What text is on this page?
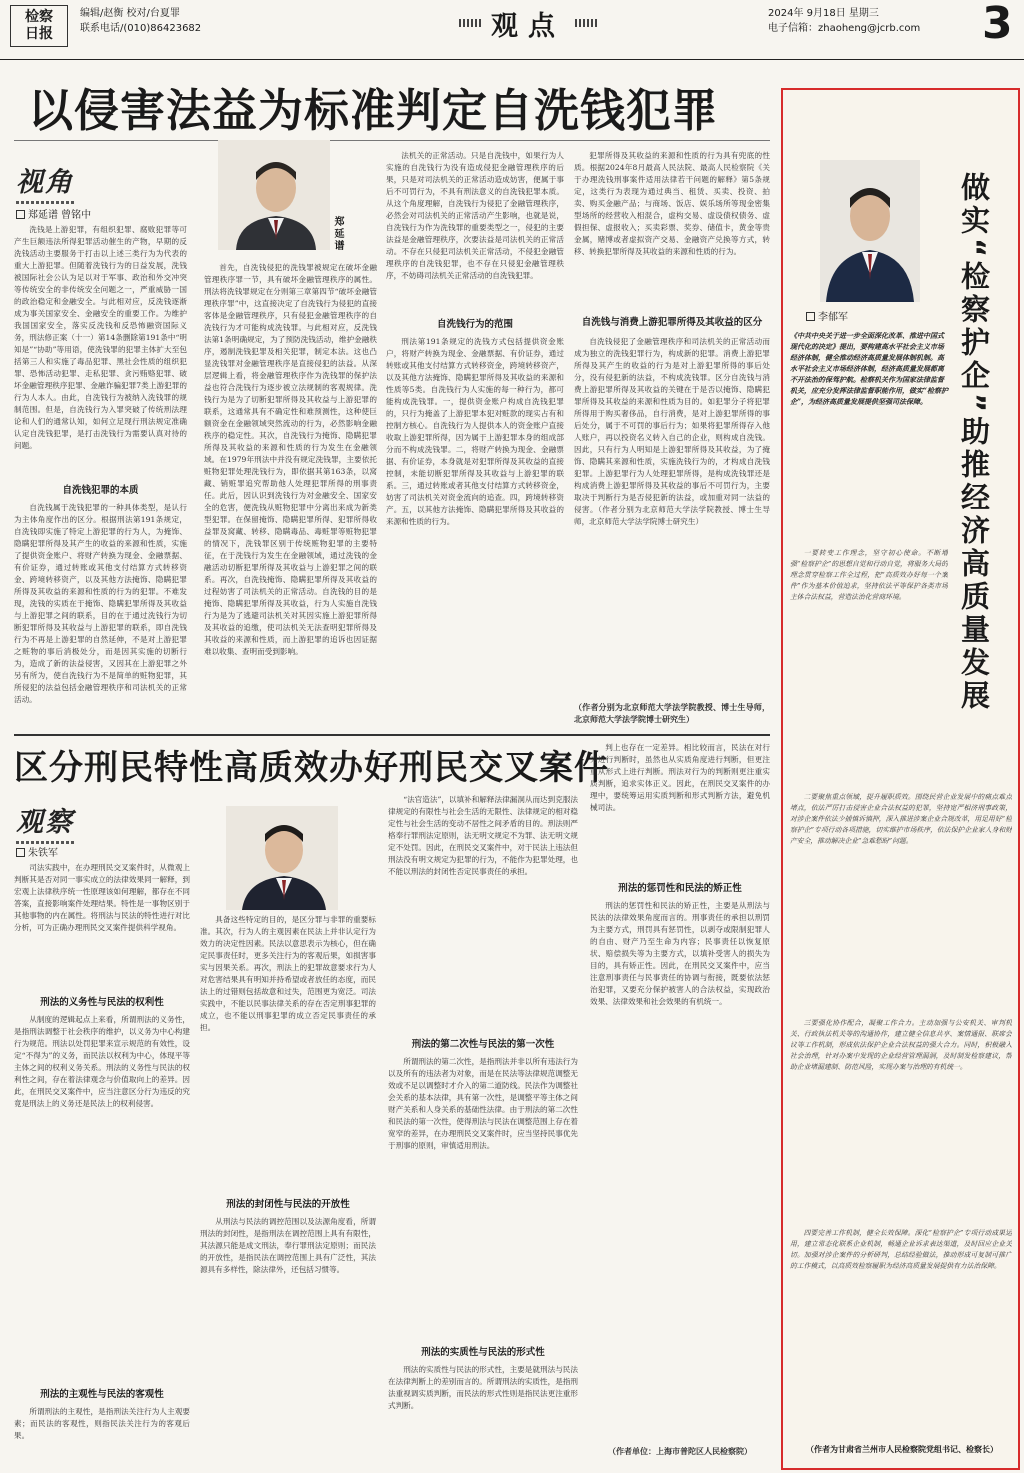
检察
日报
编辑/赵衡 校对/台夏罪
联系电话/(010)86423682	观点	2024年 9月18日 星期三
电子信箱：zhaoheng@jcrb.com 3
以侵害法益为标准判定自洗钱犯罪
视角
郑延谱 曾铭中

洗钱是上游犯罪，有组织犯罪、腐败犯罪等可产生巨额违法所得犯罪活动催生的产物，早期的反洗钱活动主要服务于打击以上述三类行为为代表的重大上游犯罪。但随着洗钱行为的日益发展，洗钱被国际社会公认为足以对于军事、政治和外交冲突等传统安全的非传统安全问题之一，严重威胁一国的政治稳定和金融安全。与此相对应，反洗钱逐渐成为事关国家安全、金融安全的重要工作。为维护我国国家安全，落实反洗钱和反恐怖融资国际义务，刑法修正案（十一）第14条删除第191条中“明知是”“协助”等用语，使洗钱罪的犯罪主体扩大至包括第三人和实施了毒品犯罪、黑社会性质的组织犯罪、恐怖活动犯罪、走私犯罪、贪污贿赂犯罪、破坏金融管理秩序犯罪、金融诈骗犯罪7类上游犯罪的行为人本人。由此，自洗钱行为被纳入洗钱罪的规制范围。但是，自洗钱行为入罪突破了传统刑法理论和人们的通常认知，如何立足现行刑法规定准确认定自洗钱犯罪，是打击洗钱行为需要认真对待的问题。

自洗钱犯罪的本质

自洗钱属于洗钱犯罪的一种具体类型，是认行为主体角度作出的区分。根据刑法第191条规定，自洗钱即实施了特定上游犯罪的行为人，为掩饰、隐瞒犯罪所得及其产生的收益的来源和性质，实施了提供资金账户、将财产转换为现金、金融票据、有价证券，通过转账或其他支付结算方式转移资金、跨境转移资产，以及其他方法掩饰、隐瞒犯罪所得及其收益的来源和性质的行为的犯罪。不难发现，洗钱的实质在于掩饰、隐瞒犯罪所得及其收益与上游犯罪之间的联系，目的在于通过洗钱行为切断犯罪所得及其收益与上游犯罪的联系，即自洗钱行为不再是上游犯罪的自然延伸，不是对上游犯罪之赃物的事后消极处分，而是因其实施的切断行为，造成了新的法益侵害，又因其在上游犯罪之外另有所为，使自洗钱行为不是简单的赃物犯罪，其所侵犯的法益包括金融管理秩序和司法机关的正常活动。

郑延谱

首先，自洗钱侵犯的洗钱罪被规定在破坏金融管理秩序罪一节，具有破坏金融管理秩序的属性。刑法将洗钱罪规定在分则第三章第四节“破坏金融管理秩序罪”中，这直接决定了自洗钱行为侵犯的直接客体是金融管理秩序，只有侵犯金融管理秩序的自洗钱行为才可能构成洗钱罪。与此相对应，反洗钱法第1条明确规定，为了预防洗钱活动，维护金融秩序，遏制洗钱犯罪及相关犯罪，制定本法。这也凸显洗钱罪对金融管理秩序是直接侵犯的法益。从深层逻辑上看，将金融管理秩序作为洗钱罪的保护法益也符合洗钱行为逐步被立法规制的客观规律。洗钱行为是为了切断犯罪所得及其收益与上游犯罪的联系，这通常具有不确定性和难预测性，这种使巨额资金在金融领域突然流动的行为，必然影响金融秩序的稳定性。其次，自洗钱行为掩饰、隐瞒犯罪所得及其收益的来源和性质的行为发生在金融领域。在1979年刑法中并没有规定洗钱罪，主要依托赃物犯罪处理洗钱行为，即依据其第163条，以窝藏、销赃罪追究帮助他人处理犯罪所得的刑事责任。此后，因认识到洗钱行为对金融安全、国家安全的危害，便洗钱从赃物犯罪中分离出来成为新类型犯罪。在保留掩饰、隐瞒犯罪所得、犯罪所得收益罪及窝藏、转移、隐瞒毒品、毒赃罪等赃物犯罪的情况下，洗钱罪区别于传统赃物犯罪的主要特征，在于洗钱行为发生在金融领域，通过洗钱的金融活动切断犯罪所得及其收益与上游犯罪之间的联系。再次，自洗钱掩饰、隐瞒犯罪所得及其收益的过程妨害了司法机关的正常活动。自洗钱的目的是掩饰、隐瞒犯罪所得及其收益，行为人实施自洗钱行为是为了逃避司法机关对其因实施上游犯罪所得及其收益的追缴，使司法机关无法查明犯罪所得及其收益的来源和性质，而上游犯罪的追诉也因证据难以收集、查明而受到影响。

法机关的正常活动。只是自洗钱中，如果行为人实施的自洗钱行为没有造成侵犯金融管理秩序的后果，只是对司法机关的正常活动造成妨害，便属于事后不可罚行为，不具有刑法意义的自洗钱犯罪本质。从这个角度理解，自洗钱行为侵犯了金融管理秩序，必然会对司法机关的正常活动产生影响，也就是说，自洗钱行为作为洗钱罪的重要类型之一，侵犯的主要法益是金融管理秩序，次要法益是司法机关的正常活动。不存在只侵犯司法机关正常活动，不侵犯金融管理秩序的自洗钱犯罪，也不存在只侵犯金融管理秩序，不妨碍司法机关正常活动的自洗钱犯罪。

自洗钱行为的范围

刑法第191条规定的洗钱方式包括提供资金账户，将财产转换为现金、金融票据、有价证券，通过转账或其他支付结算方式转移资金，跨境转移资产，以及其他方法掩饰、隐瞒犯罪所得及其收益的来源和性质等5类。自洗钱行为人实施的每一种行为，都可能构成洗钱罪。一，提供资金账户构成自洗钱犯罪的，只行为掩盖了上游犯罪本犯对赃款的现实占有和控制方核心。自洗钱行为人提供本人的资金账户直接收取上游犯罪所得，因为属于上游犯罪本身的组成部分而不构成洗钱罪。二，将财产转换为现金、金融票据、有价证券，本身就是对犯罪所得及其收益的直接控制，未能切断犯罪所得及其收益与上游犯罪的联系。三，通过转账或者其他支付结算方式转移资金，妨害了司法机关对资金流向的追查。四，跨境转移资产。五，以其他方法掩饰、隐瞒犯罪所得及其收益的来源和性质的行为。

犯罪所得及其收益的来源和性质的行为具有兜底的性质。根据2024年8月最高人民法院、最高人民检察院《关于办理洗钱刑事案件适用法律若干问题的解释》第5条规定，这类行为表现为通过典当、租赁、买卖、投资、拍卖、购买金融产品；与商场、饭店、娱乐场所等现金密集型场所的经营收入相混合，虚构交易、虚设债权债务、虚假担保、虚报收入；买卖彩票、奖券、储值卡，黄金等贵金属，赌博或者虚拟资产交易、金融资产兑换等方式，转移、转换犯罪所得及其收益的来源和性质的行为。

自洗钱与消费上游犯罪所得及其收益的区分

自洗钱侵犯了金融管理秩序和司法机关的正常活动而成为独立的洗钱犯罪行为，构成新的犯罪。消费上游犯罪所得及其产生的收益的行为是对上游犯罪所得的事后处分，没有侵犯新的法益，不构成洗钱罪。区分自洗钱与消费上游犯罪所得及其收益的关键在于是否以掩饰、隐瞒犯罪所得及其收益的来源和性质为目的。如犯罪分子将犯罪所得用于购买奢侈品，自行消费，是对上游犯罪所得的事后处分，属于不可罚的事后行为；如果将犯罪所得存入他人账户，再以投资名义转入自己的企业，则构成自洗钱。因此，只有行为人明知是上游犯罪所得及其收益，为了掩饰、隐瞒其来源和性质，实施洗钱行为的，才构成自洗钱犯罪。上游犯罪行为人处理犯罪所得，是构成洗钱罪还是构成消费上游犯罪所得及其收益的事后不可罚行为，主要取决于判断行为是否侵犯新的法益，或加重对同一法益的侵害。（作者分别为北京师范大学法学院教授、博士生导师，北京师范大学法学院博士研究生）

（作者分别为北京师范大学法学院教授、博士生导师，北京师范大学法学院博士研究生）
区分刑民特性高质效办好刑民交叉案件
观察
朱铁军

司法实践中，在办理刑民交叉案件时，从微观上判断其是否对同一事实成立的法律效果同一解释，到宏观上法律秩序统一性原理该如何理解，都存在不同答案，直接影响案件处理结果。特性是一事物区别于其他事物的内在属性。将刑法与民法的特性进行对比分析，可为正确办理刑民交叉案件提供科学视角。

刑法的义务性与民法的权利性

从制度的逻辑起点上来看，所谓刑法的义务性，是指刑法调整于社会秩序的维护，以义务为中心构建行为规范。刑法以处罚犯罪来宣示规范的有效性，设定“不得为”的义务，而民法以权利为中心，体现平等主体之间的权利义务关系。刑法的义务性与民法的权利性之间，存在着法律观念与价值取向上的差异。因此，在刑民交叉案件中，应当注意区分行为违反的究竟是刑法上的义务还是民法上的权利侵害。

刑法的主观性与民法的客观性

所谓刑法的主观性，是指刑法关注行为人主观要素；而民法的客观性，则指民法关注行为的客观后果。

具备这些特定的目的，是区分罪与非罪的重要标准。其次，行为人的主观因素在民法上并非认定行为效力的决定性因素。民法以意思表示为核心，但在确定民事责任时，更多关注行为的客观后果，如损害事实与因果关系。再次，刑法上的犯罪故意要求行为人对危害结果具有明知并持希望或者放任的态度，而民法上的过错则包括故意和过失，范围更为宽泛。司法实践中，不能以民事法律关系的存在否定刑事犯罪的成立，也不能以刑事犯罪的成立否定民事责任的承担。

刑法的封闭性与民法的开放性

从刑法与民法的调控范围以及法源角度看，所谓刑法的封闭性，是指刑法在调控范围上具有有限性，其法源只能是成文刑法，奉行罪刑法定原则；而民法的开放性，是指民法在调控范围上具有广泛性，其法源具有多样性，除法律外，还包括习惯等。

“法官造法”，以填补和解释法律漏洞从而达到克服法律规定的有限性与社会生活的无限性、法律规定的相对稳定性与社会生活的变动不居性之间矛盾的目的。刑法则严格奉行罪刑法定原则，法无明文规定不为罪、法无明文规定不处罚。因此，在刑民交叉案件中，对于民法上违法但刑法没有明文规定为犯罪的行为，不能作为犯罪处理，也不能以刑法的封闭性否定民事责任的承担。

刑法的第二次性与民法的第一次性

所谓刑法的第二次性，是指刑法并非以所有违法行为以及所有的违法者为对象，而是在民法等法律规范调整无效或不足以调整时才介入的第二道防线。民法作为调整社会关系的基本法律，具有第一次性，是调整平等主体之间财产关系和人身关系的基础性法律。由于刑法的第二次性和民法的第一次性，使得刑法与民法在调整范围上存在着宽窄的差异，在办理刑民交叉案件时，应当坚持民事优先于刑事的原则，审慎适用刑法。

刑法的实质性与民法的形式性

刑法的实质性与民法的形式性，主要是就刑法与民法在法律判断上的差别而言的。所谓刑法的实质性，是指刑法重视调实质判断，而民法的形式性则是指民法更注重形式判断。

判上也存在一定差异。相比较而言，民法在对行为进行判断时，虽然也从实质角度进行判断，但更注重从形式上进行判断。刑法对行为的判断则更注重实质判断，追求实体正义。因此，在刑民交叉案件的办理中，要统筹运用实质判断和形式判断方法，避免机械司法。

刑法的惩罚性和民法的矫正性

刑法的惩罚性和民法的矫正性，主要是从刑法与民法的法律效果角度而言的。刑事责任的承担以刑罚为主要方式，刑罚具有惩罚性，以剥夺或限制犯罪人的自由、财产乃至生命为内容；民事责任以恢复原状、赔偿损失等为主要方式，以填补受害人的损失为目的，具有矫正性。因此，在刑民交叉案件中，应当注意刑事责任与民事责任的协调与衔接，既要依法惩治犯罪，又要充分保护被害人的合法权益，实现政治效果、法律效果和社会效果的有机统一。

（作者单位：上海市普陀区人民检察院）
做实“检察护企”助推经济高质量发展
李郁军
《中共中央关于进一步全面深化改革、推进中国式现代化的决定》提出，要构建高水平社会主义市场经济体制，健全推动经济高质量发展体制机制。高水平社会主义市场经济体制，经济高质量发展都离不开法治的保驾护航。检察机关作为国家法律监督机关，应充分发挥法律监督职能作用，做实“检察护企”，为经济高质量发展提供坚强司法保障。

一要转变工作理念，坚守初心使命。不断增强“检察护企”的思想自觉和行动自觉，将服务大局的理念贯穿检察工作全过程，把“高质效办好每一个案件”作为基本价值追求，坚持依法平等保护各类市场主体合法权益，营造法治化营商环境。

二要聚焦重点领域，提升履职质效。围绕民营企业发展中的痛点难点堵点，依法严厉打击侵害企业合法权益的犯罪，坚持宽严相济刑事政策，对涉企案件依法少捕慎诉慎押，深入推进涉案企业合规改革，用足用好“检察护企”专项行动各项措施，切实维护市场秩序，依法保护企业家人身和财产安全，推动解决企业“急难愁盼”问题。

三要强化协作配合，凝聚工作合力。主动加强与公安机关、审判机关、行政执法机关等的沟通协作，建立健全信息共享、案情通报、联席会议等工作机制，形成依法保护企业合法权益的强大合力。同时，积极融入社会治理，针对办案中发现的企业经营管理漏洞，及时制发检察建议，帮助企业堵漏建制、防范风险，实现办案与治理的有机统一。

四要完善工作机制，健全长效保障。深化“检察护企”专项行动成果运用，建立常态化联系企业机制，畅通企业诉求表达渠道，及时回应企业关切。加强对涉企案件的分析研判，总结经验做法，推动形成可复制可推广的工作模式，以高质效检察履职为经济高质量发展提供有力法治保障。

（作者为甘肃省兰州市人民检察院党组书记、检察长）
